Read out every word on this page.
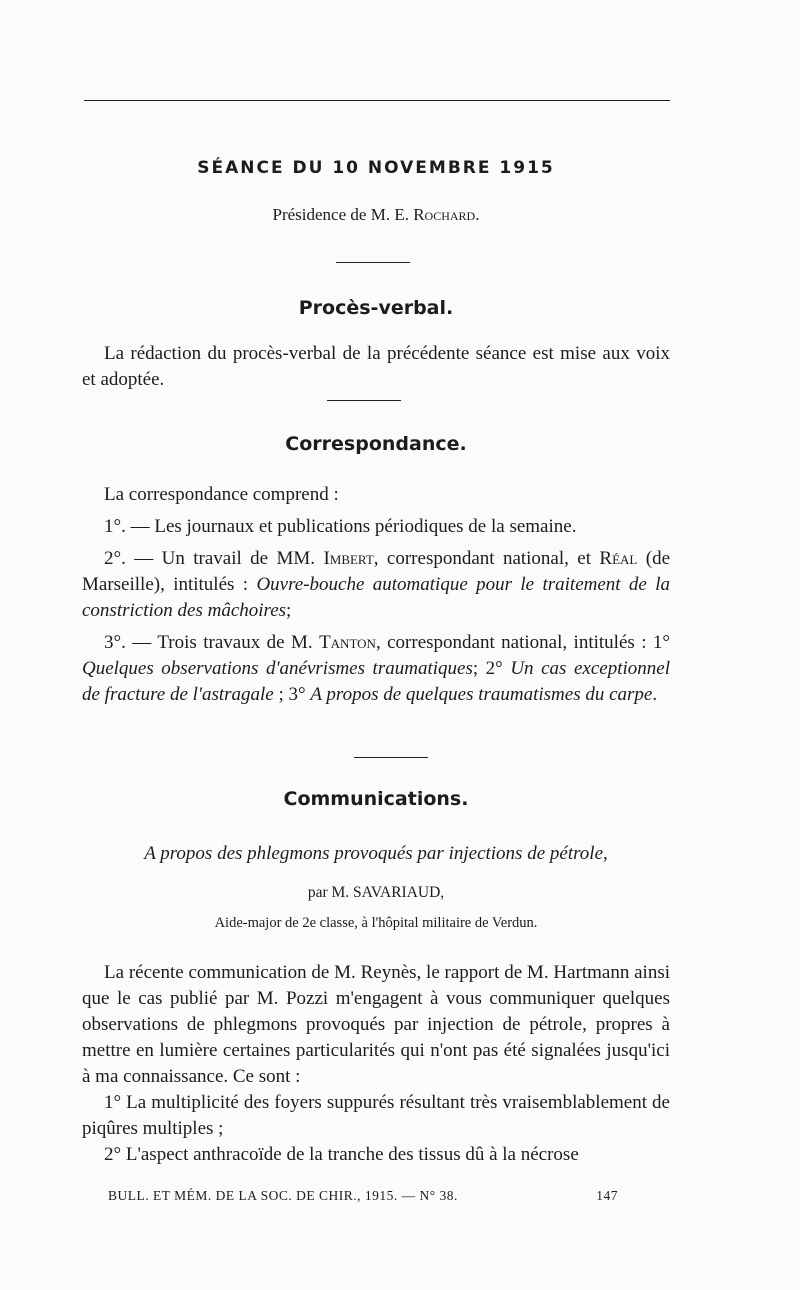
SÉANCE DU 10 NOVEMBRE 1915
Présidence de M. E. Rochard.
Procès-verbal.

La rédaction du procès-verbal de la précédente séance est mise aux voix et adoptée.

Correspondance.

La correspondance comprend :

1°. — Les journaux et publications périodiques de la semaine.

2°. — Un travail de MM. Imbert, correspondant national, et Réal (de Marseille), intitulés : Ouvre-bouche automatique pour le traitement de la constriction des mâchoires;

3°. — Trois travaux de M. Tanton, correspondant national, intitulés : 1° Quelques observations d'anévrismes traumatiques; 2° Un cas exceptionnel de fracture de l'astragale ; 3° A propos de quelques traumatismes du carpe.

Communications.
A propos des phlegmons provoqués par injections de pétrole,
par M. SAVARIAUD,
Aide-major de 2e classe, à l'hôpital militaire de Verdun.

La récente communication de M. Reynès, le rapport de M. Hartmann ainsi que le cas publié par M. Pozzi m'engagent à vous communiquer quelques observations de phlegmons provoqués par injection de pétrole, propres à mettre en lumière certaines particularités qui n'ont pas été signalées jusqu'ici à ma connaissance. Ce sont :

1° La multiplicité des foyers suppurés résultant très vraisemblablement de piqûres multiples ;

2° L'aspect anthracoïde de la tranche des tissus dû à la nécrose

BULL. ET MÉM. DE LA SOC. DE CHIR., 1915. — N° 38.	147
